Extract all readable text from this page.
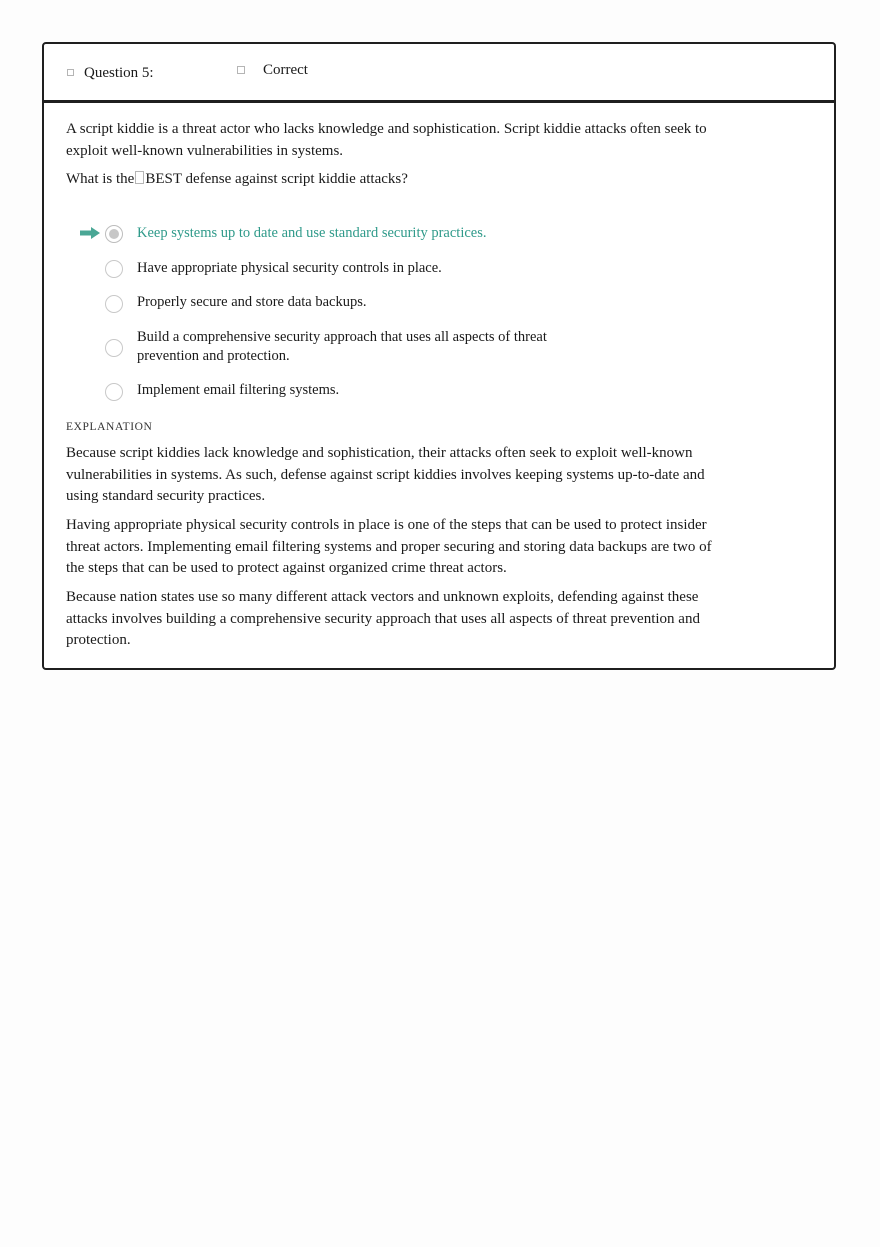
Question 5:	Correct

A script kiddie is a threat actor who lacks knowledge and sophistication. Script kiddie attacks often seek to exploit well-known vulnerabilities in systems.

What is the BEST defense against script kiddie attacks?

Keep systems up to date and use standard security practices.
Have appropriate physical security controls in place.
Properly secure and store data backups.
Build a comprehensive security approach that uses all aspects of threat prevention and protection.
Implement email filtering systems.
EXPLANATION

Because script kiddies lack knowledge and sophistication, their attacks often seek to exploit well-known vulnerabilities in systems. As such, defense against script kiddies involves keeping systems up-to-date and using standard security practices.

Having appropriate physical security controls in place is one of the steps that can be used to protect insider threat actors. Implementing email filtering systems and proper securing and storing data backups are two of the steps that can be used to protect against organized crime threat actors.

Because nation states use so many different attack vectors and unknown exploits, defending against these attacks involves building a comprehensive security approach that uses all aspects of threat prevention and protection.
